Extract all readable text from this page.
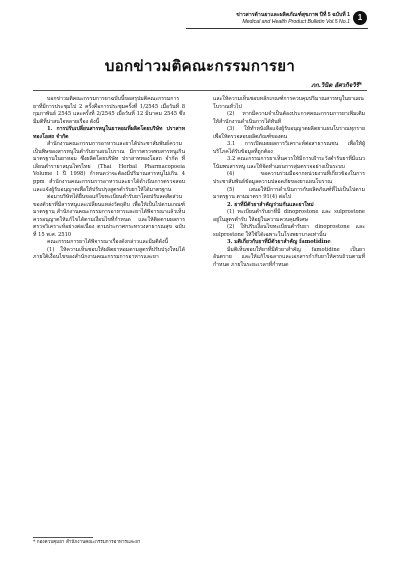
ข่าวสารด้านยาและผลิตภัณฑ์สุขภาพ ปีที่ 5 ฉบับที่ 1
Medical and Health Product Bulletin Vol.5 No.1 1
บอกข่าวมติคณะกรรมการยา
ภก.วินิต อัศวกิจวิรี*

บอกข่าวมติคณะกรรมการยาฉบับนี้ขอสรุปมติคณะกรรมการยาที่มีการประชุมไป 2 ครั้งคือการประชุมครั้งที่ 1/2545 เมื่อวันที่ 8 กุมภาพันธ์ 2545 และครั้งที่ 2/2545 เมื่อวันที่ 12 มีนาคม 2545 ซึ่งมีมติที่น่าสนใจหลายเรื่อง ดังนี้

1. การปรับเปลี่ยนสารหนูในยาหอมที่ผลิตโดยบริษัท ปราสาททองโอสถ จำกัด

สำนักงานคณะกรรมการอาหารและยาได้ประชาสัมพันธ์ความเป็นพิษของสารหนูในตำรับยาแผนโบราณ มีการตรวจพบสารหนูเกินมาตรฐานในยาหอม ซึ่งผลิตโดยบริษัท ปราสาททองโอสถ จำกัด ที่เลียนตำรายาสมุนไพรไทย (Thai Herbal Pharmacopoeia Volume I ปี 1998) กำหนดว่าจะต้องมีปริมาณสารหนูไม่เกิน 4 ppm สำนักงานคณะกรรมการอาหารและยาได้ดำเนินการตรวจสอบและแจ้งผู้รับอนุญาตเพื่อให้ปรับปรุงสูตรตำรับยาให้ได้มาตรฐาน

ต่อมาบริษัทได้ยื่นขอแก้ไขทะเบียนตำรับยาโดยปรับลดสัดส่วนของตัวยาที่มีสารหนูและเปลี่ยนแหล่งวัตถุดิบ เพื่อให้เป็นไปตามเกณฑ์มาตรฐาน สำนักงานคณะกรรมการอาหารและยาได้พิจารณาแล้วเห็นควรอนุญาตให้แก้ไขได้ตามเงื่อนไขที่กำหนด และให้ติดตามผลการตรวจวิเคราะห์อย่างต่อเนื่อง ตามประกาศกระทรวงสาธารณสุข ฉบับที่ 15 พ.ศ. 2510

คณะกรรมการยาได้พิจารณาเรื่องดังกล่าวและมีมติดังนี้

(1) ให้ความเห็นชอบให้ผลิตยาหอมตามสูตรที่ปรับปรุงใหม่ได้ ภายใต้เงื่อนไขของสำนักงานคณะกรรมการอาหารและยา

และให้ความเห็นชอบหลักเกณฑ์การควบคุมปริมาณสารหนูในยาแผนโบราณทั่วไป

(2) หากมีความจำเป็นต้องประกาศคณะกรรมการยาเพิ่มเติม ให้สำนักงานดำเนินการได้ทันที

(3) ให้ทำหนังสือแจ้งผู้รับอนุญาตผลิตยาแผนโบราณทุกราย เพื่อให้ตรวจสอบผลิตภัณฑ์ของตน

3.1 การเปิดเผยผลการวิเคราะห์ต่อสาธารณชน เพื่อให้ผู้บริโภคได้รับข้อมูลที่ถูกต้อง

3.2 คณะกรรมการยาเห็นควรให้มีการเฝ้าระวังตำรับยาที่มีแนวโน้มพบสารหนู และให้จัดทำแผนการสุ่มตรวจอย่างเป็นระบบ

(4) ขอความร่วมมือจากหน่วยงานที่เกี่ยวข้องในการประชาสัมพันธ์ข้อมูลความปลอดภัยของยาแผนโบราณ

(5) เสนอให้มีการดำเนินการกับผลิตภัณฑ์ที่ไม่เป็นไปตามมาตรฐาน ตามมาตรา 91(4) ต่อไป

2. ยาที่มีตัวยาสำคัญร่วมกันและยาใหม่

(1) ทะเบียนตำรับยาที่มี dinoprostone และ sulprostone อยู่ในสูตรตำรับ ให้อยู่ในความควบคุมพิเศษ

(2) ให้ปรับเงื่อนไขทะเบียนตำรับยา dinoprostone และ sulprostone ให้ใช้ได้เฉพาะในโรงพยาบาลเท่านั้น

3. มติเกี่ยวกับยาที่มีตัวยาสำคัญ famotidine

มีมติเห็นชอบให้ยาที่มีตัวยาสำคัญ famotidine เป็นยาอันตราย และให้แก้ไขฉลากและเอกสารกำกับยาให้ครบถ้วนตามที่กำหนด ภายในระยะเวลาที่กำหนด

* กองควบคุมยา สำนักงานคณะกรรมการอาหารและยา
